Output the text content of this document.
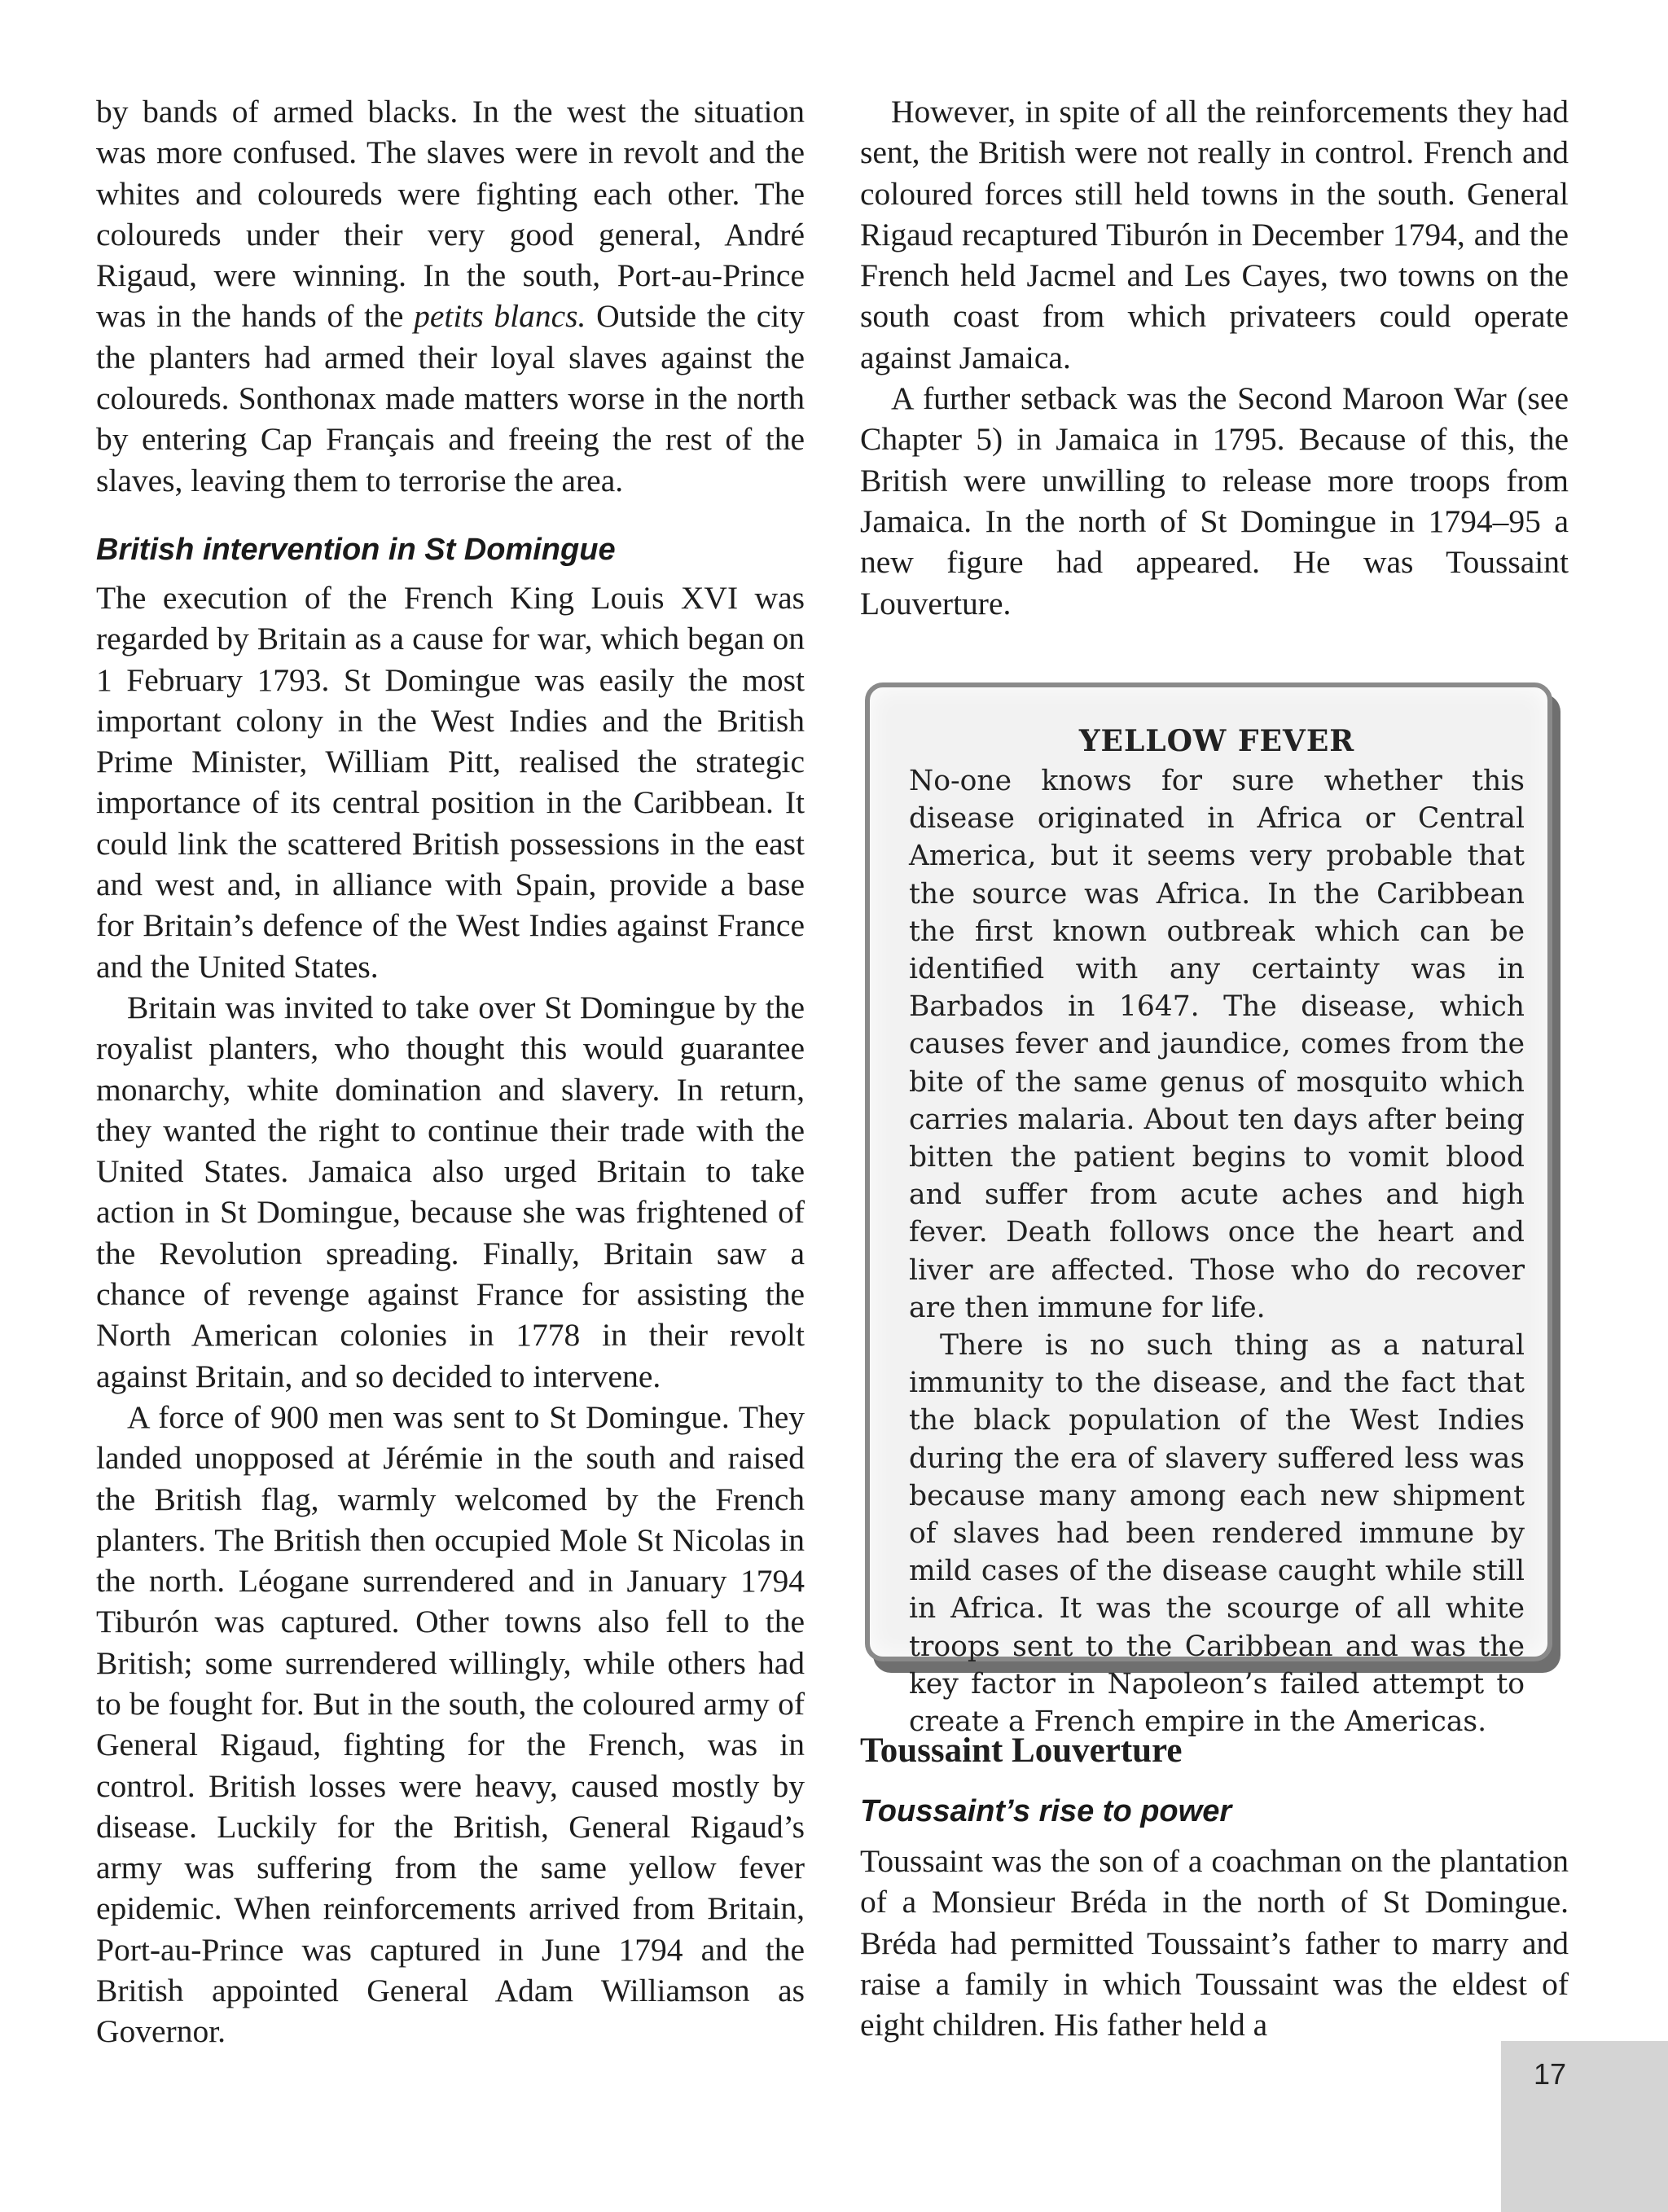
by bands of armed blacks. In the west the situation was more confused. The slaves were in revolt and the whites and coloureds were fighting each other. The coloureds under their very good general, André Rigaud, were winning. In the south, Port-au-Prince was in the hands of the petits blancs. Outside the city the planters had armed their loyal slaves against the coloureds. Sonthonax made matters worse in the north by entering Cap Français and freeing the rest of the slaves, leaving them to terrorise the area.

British intervention in St Domingue

The execution of the French King Louis XVI was regarded by Britain as a cause for war, which began on 1 February 1793. St Domingue was easily the most important colony in the West Indies and the British Prime Minister, William Pitt, realised the strategic importance of its central position in the Caribbean. It could link the scattered British possessions in the east and west and, in alliance with Spain, provide a base for Britain’s defence of the West Indies against France and the United States.

Britain was invited to take over St Domingue by the royalist planters, who thought this would guarantee monarchy, white domination and slavery. In return, they wanted the right to continue their trade with the United States. Jamaica also urged Britain to take action in St Domingue, because she was frightened of the Revolution spreading. Finally, Britain saw a chance of revenge against France for assisting the North American colonies in 1778 in their revolt against Britain, and so decided to intervene.

A force of 900 men was sent to St Domingue. They landed unopposed at Jérémie in the south and raised the British flag, warmly welcomed by the French planters. The British then occupied Mole St Nicolas in the north. Léogane surrendered and in January 1794 Tiburón was captured. Other towns also fell to the British; some surrendered willingly, while others had to be fought for. But in the south, the coloured army of General Rigaud, fighting for the French, was in control. British losses were heavy, caused mostly by disease. Luckily for the British, General Rigaud’s army was suffering from the same yellow fever epidemic. When reinforcements arrived from Britain, Port-au-Prince was captured in June 1794 and the British appointed General Adam Williamson as Governor.

However, in spite of all the reinforcements they had sent, the British were not really in control. French and coloured forces still held towns in the south. General Rigaud recaptured Tiburón in December 1794, and the French held Jacmel and Les Cayes, two towns on the south coast from which privateers could operate against Jamaica.

A further setback was the Second Maroon War (see Chapter 5) in Jamaica in 1795. Because of this, the British were unwilling to release more troops from Jamaica. In the north of St Domingue in 1794–95 a new figure had appeared. He was Toussaint Louverture.

YELLOW FEVER

No-one knows for sure whether this disease originated in Africa or Central America, but it seems very probable that the source was Africa. In the Caribbean the first known outbreak which can be identified with any certainty was in Barbados in 1647. The disease, which causes fever and jaundice, comes from the bite of the same genus of mosquito which carries malaria. About ten days after being bitten the patient begins to vomit blood and suffer from acute aches and high fever. Death follows once the heart and liver are affected. Those who do recover are then immune for life.

There is no such thing as a natural immunity to the disease, and the fact that the black population of the West Indies during the era of slavery suffered less was because many among each new shipment of slaves had been rendered immune by mild cases of the disease caught while still in Africa. It was the scourge of all white troops sent to the Caribbean and was the key factor in Napoleon’s failed attempt to create a French empire in the Americas.

Toussaint Louverture
Toussaint’s rise to power

Toussaint was the son of a coachman on the plantation of a Monsieur Bréda in the north of St Domingue. Bréda had permitted Toussaint’s father to marry and raise a family in which Toussaint was the eldest of eight children. His father held a

17
